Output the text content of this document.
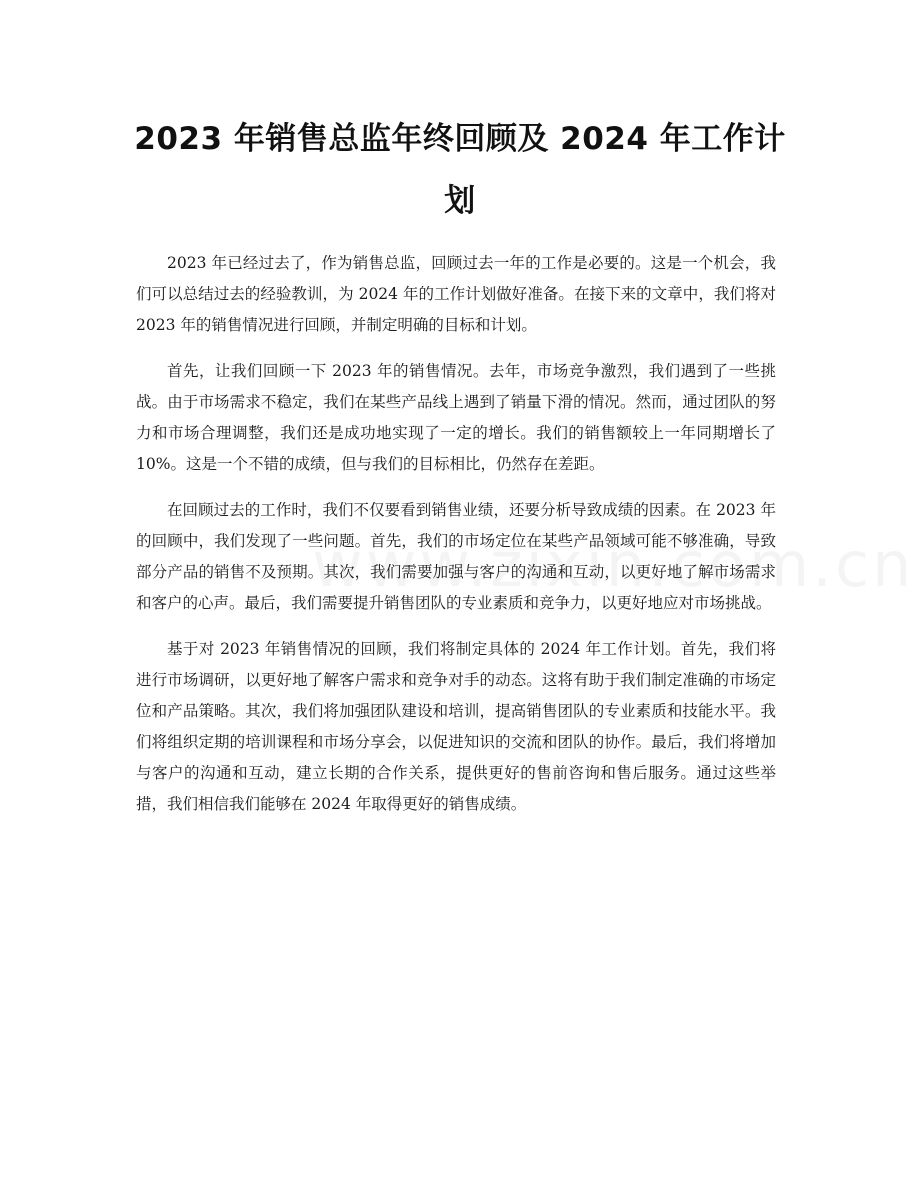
2023 年销售总监年终回顾及 2024 年工作计
划

2023 年已经过去了，作为销售总监，回顾过去一年的工作是必要的。这是一个机会，我们可以总结过去的经验教训，为 2024 年的工作计划做好准备。在接下来的文章中，我们将对 2023 年的销售情况进行回顾，并制定明确的目标和计划。

首先，让我们回顾一下 2023 年的销售情况。去年，市场竞争激烈，我们遇到了一些挑战。由于市场需求不稳定，我们在某些产品线上遇到了销量下滑的情况。然而，通过团队的努力和市场合理调整，我们还是成功地实现了一定的增长。我们的销售额较上一年同期增长了 10%。这是一个不错的成绩，但与我们的目标相比，仍然存在差距。

在回顾过去的工作时，我们不仅要看到销售业绩，还要分析导致成绩的因素。在 2023 年的回顾中，我们发现了一些问题。首先，我们的市场定位在某些产品领域可能不够准确，导致部分产品的销售不及预期。其次，我们需要加强与客户的沟通和互动，以更好地了解市场需求和客户的心声。最后，我们需要提升销售团队的专业素质和竞争力，以更好地应对市场挑战。

基于对 2023 年销售情况的回顾，我们将制定具体的 2024 年工作计划。首先，我们将进行市场调研，以更好地了解客户需求和竞争对手的动态。这将有助于我们制定准确的市场定位和产品策略。其次，我们将加强团队建设和培训，提高销售团队的专业素质和技能水平。我们将组织定期的培训课程和市场分享会，以促进知识的交流和团队的协作。最后，我们将增加与客户的沟通和互动，建立长期的合作关系，提供更好的售前咨询和售后服务。通过这些举措，我们相信我们能够在 2024 年取得更好的销售成绩。
